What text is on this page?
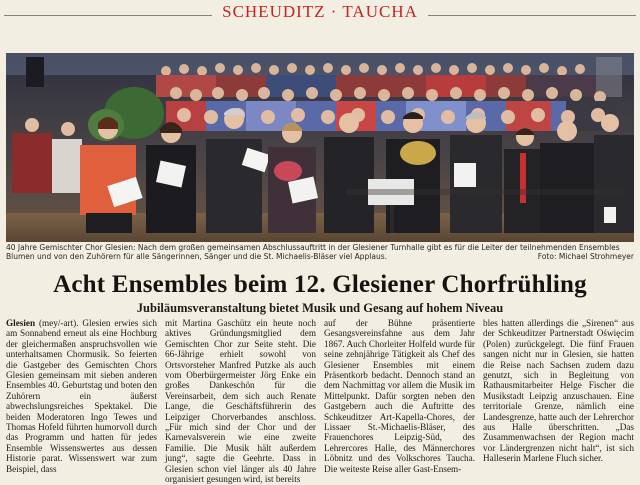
SCHEUDITZ · TAUCHA
40 Jahre Gemischter Chor Glesien: Nach dem großen gemeinsamen Abschlussauftritt in der Glesiener Turnhalle gibt es für die Leiter der teilnehmenden Ensembles Blumen und von den Zuhörern für alle Sängerinnen, Sänger und die St. Michaelis-Bläser viel Applaus.	Foto: Michael Strohmeyer
Acht Ensembles beim 12. Glesiener Chorfrühling
Jubiläumsveranstaltung bietet Musik und Gesang auf hohem Niveau

Glesien (mey/-art). Glesien erwies sich am Sonnabend erneut als eine Hochburg der gleichermaßen anspruchsvollen wie unterhaltsamen Chormusik. So feierten die Gastgeber des Gemischten Chors Glesien gemeinsam mit sieben anderen Ensembles 40. Geburtstag und boten den Zuhörern ein äußerst abwechslungsreiches Spektakel. Die beiden Moderatoren Ingo Tewes und Thomas Hofeld führten humorvoll durch das Programm und hatten für jedes Ensemble Wissenswertes aus dessen Historie parat. Wissenswert war zum Beispiel, dass

mit Martina Gaschütz ein heute noch aktives Gründungsmitglied dem Gemischten Chor zur Seite steht. Die 66-Jährige erhielt sowohl von Ortsvorsteher Manfred Putzke als auch vom Oberbürgermeister Jörg Enke ein großes Dankeschön für die Vereinsarbeit, dem sich auch Renate Lange, die Geschäftsführerin des Leipziger Chorverbandes anschloss. „Für mich sind der Chor und der Karnevalsverein wie eine zweite Familie. Die Musik hält außerdem jung“, sagte die Geehrte. Dass in Glesien schon viel länger als 40 Jahre organisiert gesungen wird, ist bereits

auf der Bühne präsentierte Gesangsvereinsfahne aus dem Jahr 1867. Auch Chorleiter Holfeld wurde für seine zehnjährige Tätigkeit als Chef des Glesiener Ensembles mit einem Präsentkorb bedacht. Dennoch stand an dem Nachmittag vor allem die Musik im Mittelpunkt. Dafür sorgten neben den Gastgebern auch die Auftritte des Schkeuditzer Art-Kapella-Chores, der Lissaer St.-Michaelis-Bläser, des Frauenchores Leipzig-Süd, des Lehrercores Halle, des Männerchores Löbnitz und des Volkschores Taucha. Die weiteste Reise aller Gast-Ensem-

bles hatten allerdings die „Sirenen“ aus der Schkeuditzer Partnerstadt Oświęcim (Polen) zurückgelegt. Die fünf Frauen sangen nicht nur in Glesien, sie hatten die Reise nach Sachsen zudem dazu genutzt, sich in Begleitung von Rathausmitarbeiter Helge Fischer die Musikstadt Leipzig anzuschauen. Eine territoriale Grenze, nämlich eine Landesgrenze, hatte auch der Lehrerchor aus Halle überschritten. „Das Zusammenwachsen der Region macht vor Ländergrenzen nicht halt“, ist sich Halleserin Marlene Fluch sicher.
